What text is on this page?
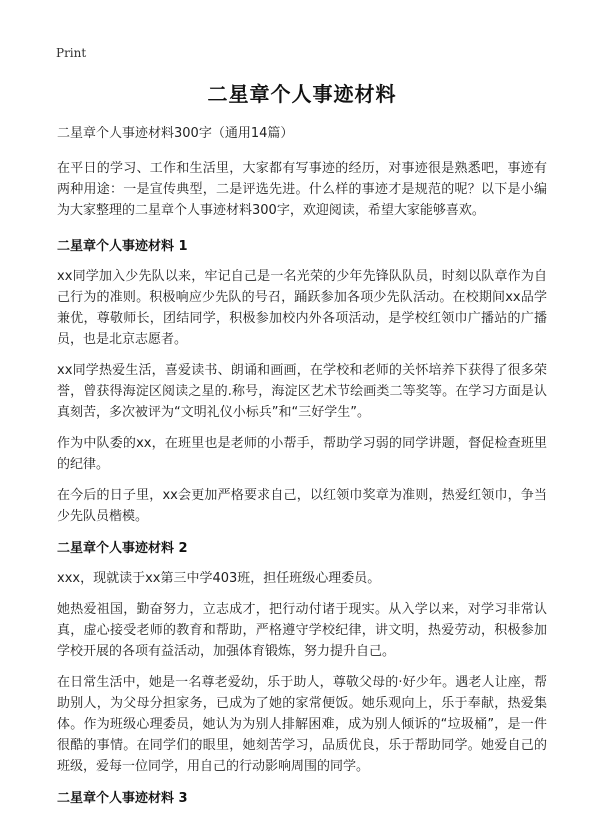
Print
二星章个人事迹材料

二星章个人事迹材料300字（通用14篇）

在平日的学习、工作和生活里，大家都有写事迹的经历，对事迹很是熟悉吧，事迹有两种用途：一是宣传典型，二是评选先进。什么样的事迹才是规范的呢？以下是小编为大家整理的二星章个人事迹材料300字，欢迎阅读，希望大家能够喜欢。

二星章个人事迹材料 1

xx同学加入少先队以来，牢记自己是一名光荣的少年先锋队队员，时刻以队章作为自己行为的准则。积极响应少先队的号召，踊跃参加各项少先队活动。在校期间xx品学兼优，尊敬师长，团结同学，积极参加校内外各项活动，是学校红领巾广播站的广播员，也是北京志愿者。

xx同学热爱生活，喜爱读书、朗诵和画画，在学校和老师的关怀培养下获得了很多荣誉，曾获得海淀区阅读之星的.称号，海淀区艺术节绘画类二等奖等。在学习方面是认真刻苦，多次被评为“文明礼仪小标兵”和“三好学生”。

作为中队委的xx，在班里也是老师的小帮手，帮助学习弱的同学讲题，督促检查班里的纪律。

在今后的日子里，xx会更加严格要求自己，以红领巾奖章为准则，热爱红领巾，争当少先队员楷模。

二星章个人事迹材料 2

xxx，现就读于xx第三中学403班，担任班级心理委员。

她热爱祖国，勤奋努力，立志成才，把行动付诸于现实。从入学以来，对学习非常认真，虚心接受老师的教育和帮助，严格遵守学校纪律，讲文明，热爱劳动，积极参加学校开展的各项有益活动，加强体育锻炼，努力提升自己。

在日常生活中，她是一名尊老爱幼，乐于助人，尊敬父母的·好少年。遇老人让座，帮助别人，为父母分担家务，已成为了她的家常便饭。她乐观向上，乐于奉献，热爱集体。作为班级心理委员，她认为为别人排解困难，成为别人倾诉的“垃圾桶”，是一件很酷的事情。在同学们的眼里，她刻苦学习，品质优良，乐于帮助同学。她爱自己的班级，爱每一位同学，用自己的行动影响周围的同学。

二星章个人事迹材料 3
